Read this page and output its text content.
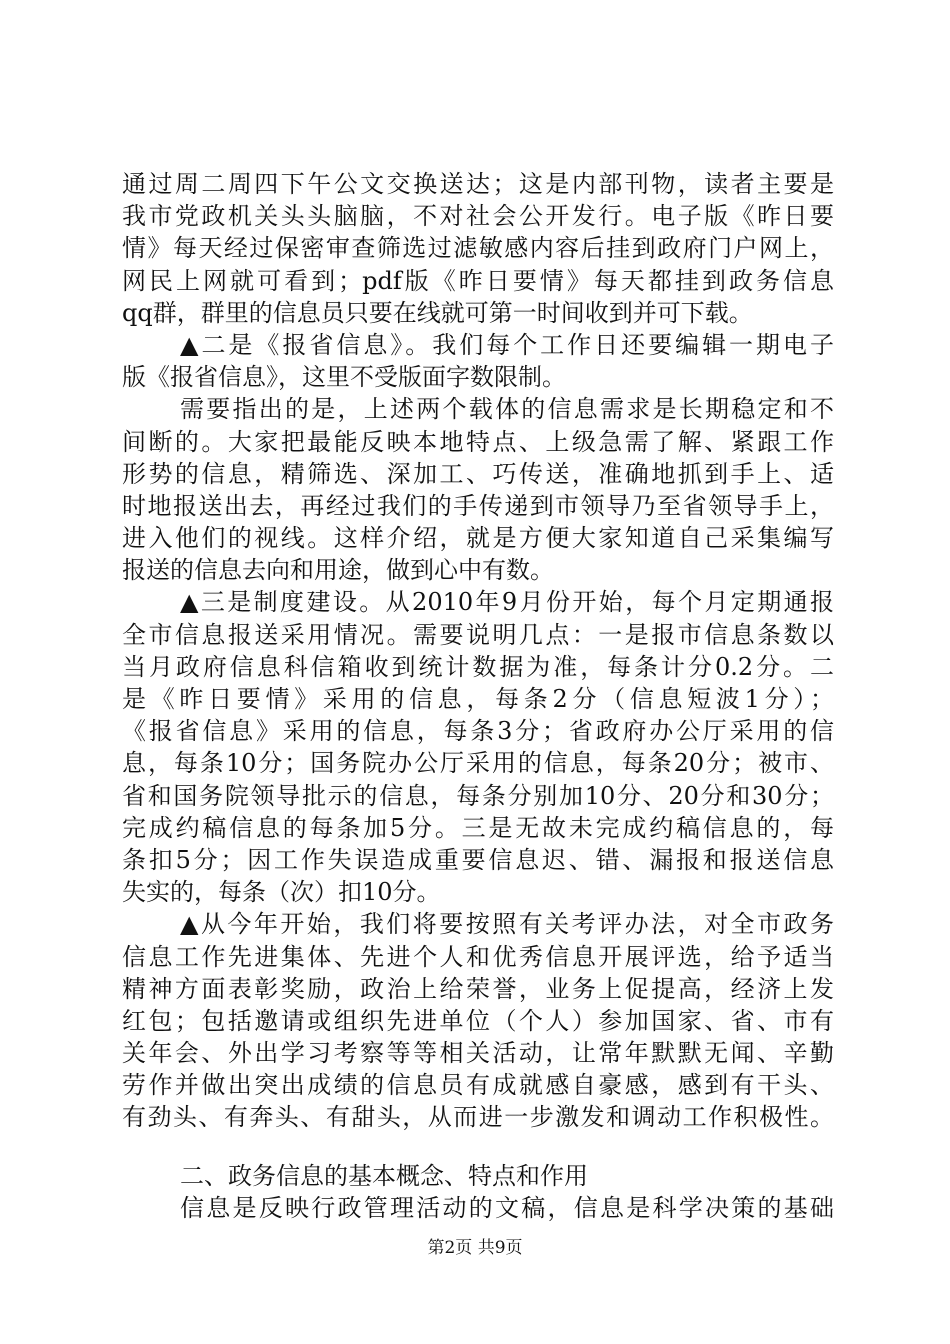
通过周二周四下午公文交换送达；这是内部刊物，读者主要是
我市党政机关头头脑脑，不对社会公开发行。电子版《昨日要
情》每天经过保密审查筛选过滤敏感内容后挂到政府门户网上，
网民上网就可看到；pdf版《昨日要情》每天都挂到政务信息
qq群，群里的信息员只要在线就可第一时间收到并可下载。
▲二是《报省信息》。我们每个工作日还要编辑一期电子
版《报省信息》，这里不受版面字数限制。
需要指出的是，上述两个载体的信息需求是长期稳定和不
间断的。大家把最能反映本地特点、上级急需了解、紧跟工作
形势的信息，精筛选、深加工、巧传送，准确地抓到手上、适
时地报送出去，再经过我们的手传递到市领导乃至省领导手上，
进入他们的视线。这样介绍，就是方便大家知道自己采集编写
报送的信息去向和用途，做到心中有数。
▲三是制度建设。从2010年9月份开始，每个月定期通报
全市信息报送采用情况。需要说明几点：一是报市信息条数以
当月政府信息科信箱收到统计数据为准，每条计分0.2分。二
是《昨日要情》采用的信息，每条2分（信息短波1分）；
《报省信息》采用的信息，每条3分；省政府办公厅采用的信
息，每条10分；国务院办公厅采用的信息，每条20分；被市、
省和国务院领导批示的信息，每条分别加10分、20分和30分；
完成约稿信息的每条加5分。三是无故未完成约稿信息的，每
条扣5分；因工作失误造成重要信息迟、错、漏报和报送信息
失实的，每条（次）扣10分。
▲从今年开始，我们将要按照有关考评办法，对全市政务
信息工作先进集体、先进个人和优秀信息开展评选，给予适当
精神方面表彰奖励，政治上给荣誉，业务上促提高，经济上发
红包；包括邀请或组织先进单位（个人）参加国家、省、市有
关年会、外出学习考察等等相关活动，让常年默默无闻、辛勤
劳作并做出突出成绩的信息员有成就感自豪感，感到有干头、
有劲头、有奔头、有甜头，从而进一步激发和调动工作积极性。
二、政务信息的基本概念、特点和作用
信息是反映行政管理活动的文稿，信息是科学决策的基础
第2页 共9页
